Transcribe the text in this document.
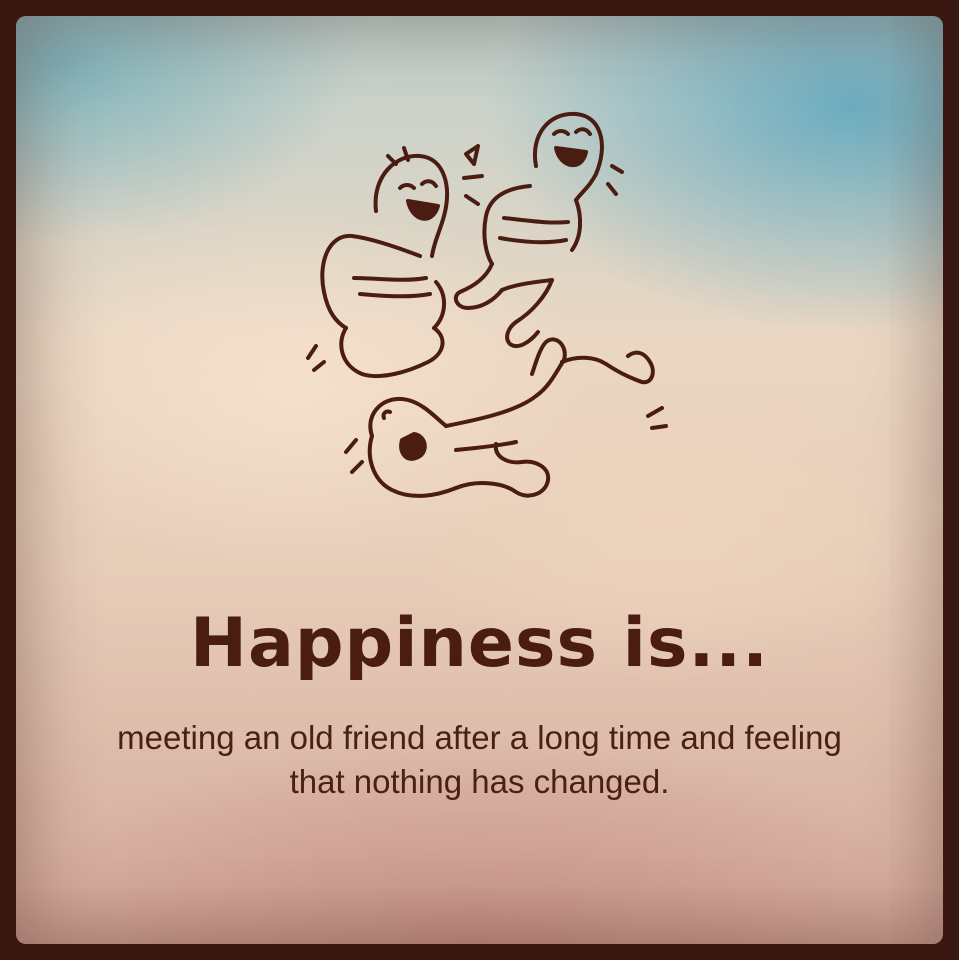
Happiness is...
meeting an old friend after a long time and feeling
that nothing has changed.
